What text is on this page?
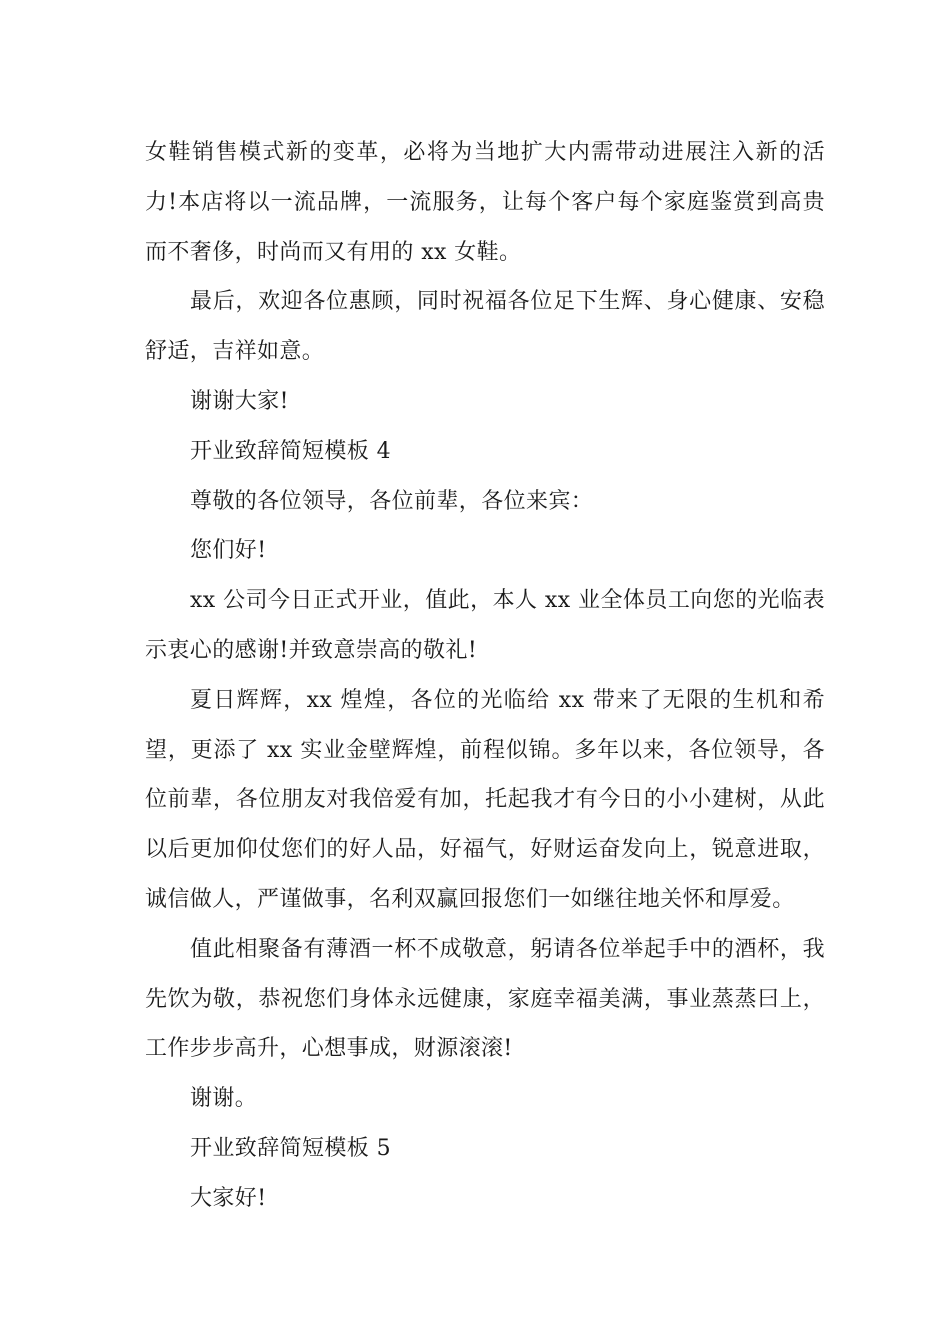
女鞋销售模式新的变革，必将为当地扩大内需带动进展注入新的活力!本店将以一流品牌，一流服务，让每个客户每个家庭鉴赏到高贵而不奢侈，时尚而又有用的 xx 女鞋。

最后，欢迎各位惠顾，同时祝福各位足下生辉、身心健康、安稳舒适，吉祥如意。

谢谢大家!

开业致辞简短模板 4

尊敬的各位领导，各位前辈，各位来宾：

您们好!

xx 公司今日正式开业，值此，本人 xx 业全体员工向您的光临表示衷心的感谢!并致意崇高的敬礼!

夏日辉辉，xx 煌煌，各位的光临给 xx 带来了无限的生机和希望，更添了 xx 实业金壁辉煌，前程似锦。多年以来，各位领导，各位前辈，各位朋友对我倍爱有加，托起我才有今日的小小建树，从此以后更加仰仗您们的好人品，好福气，好财运奋发向上，锐意进取，诚信做人，严谨做事，名利双赢回报您们一如继往地关怀和厚爱。

值此相聚备有薄酒一杯不成敬意，躬请各位举起手中的酒杯，我先饮为敬，恭祝您们身体永远健康，家庭幸福美满，事业蒸蒸曰上，工作步步高升，心想事成，财源滚滚!

谢谢。

开业致辞简短模板 5

大家好!
